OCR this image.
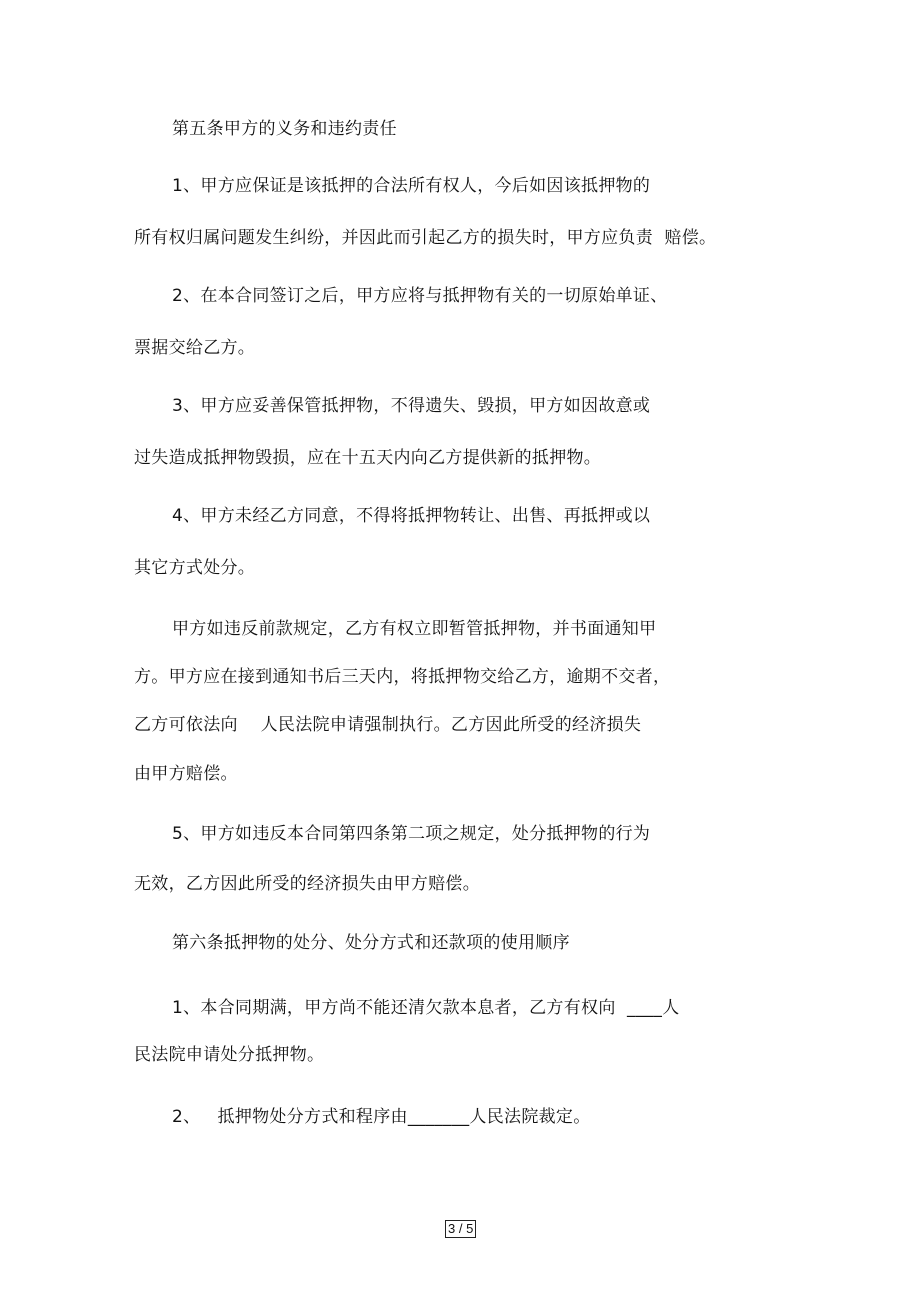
第五条甲方的义务和违约责任
1、甲方应保证是该抵押的合法所有权人，今后如因该抵押物的
所有权归属问题发生纠纷，并因此而引起乙方的损失时，甲方应负责  赔偿。
2、在本合同签订之后，甲方应将与抵押物有关的一切原始单证、
票据交给乙方。
3、甲方应妥善保管抵押物，不得遗失、毁损，甲方如因故意或
过失造成抵押物毁损，应在十五天内向乙方提供新的抵押物。
4、甲方未经乙方同意，不得将抵押物转让、出售、再抵押或以
其它方式处分。
甲方如违反前款规定，乙方有权立即暂管抵押物，并书面通知甲
方。甲方应在接到通知书后三天内，将抵押物交给乙方，逾期不交者，
乙方可依法向    人民法院申请强制执行。乙方因此所受的经济损失
由甲方赔偿。
5、甲方如违反本合同第四条第二项之规定，处分抵押物的行为
无效，乙方因此所受的经济损失由甲方赔偿。
第六条抵押物的处分、处分方式和还款项的使用顺序
1、本合同期满，甲方尚不能还清欠款本息者，乙方有权向  ____人
民法院申请处分抵押物。
2、   抵押物处分方式和程序由_______人民法院裁定。
3 / 5
